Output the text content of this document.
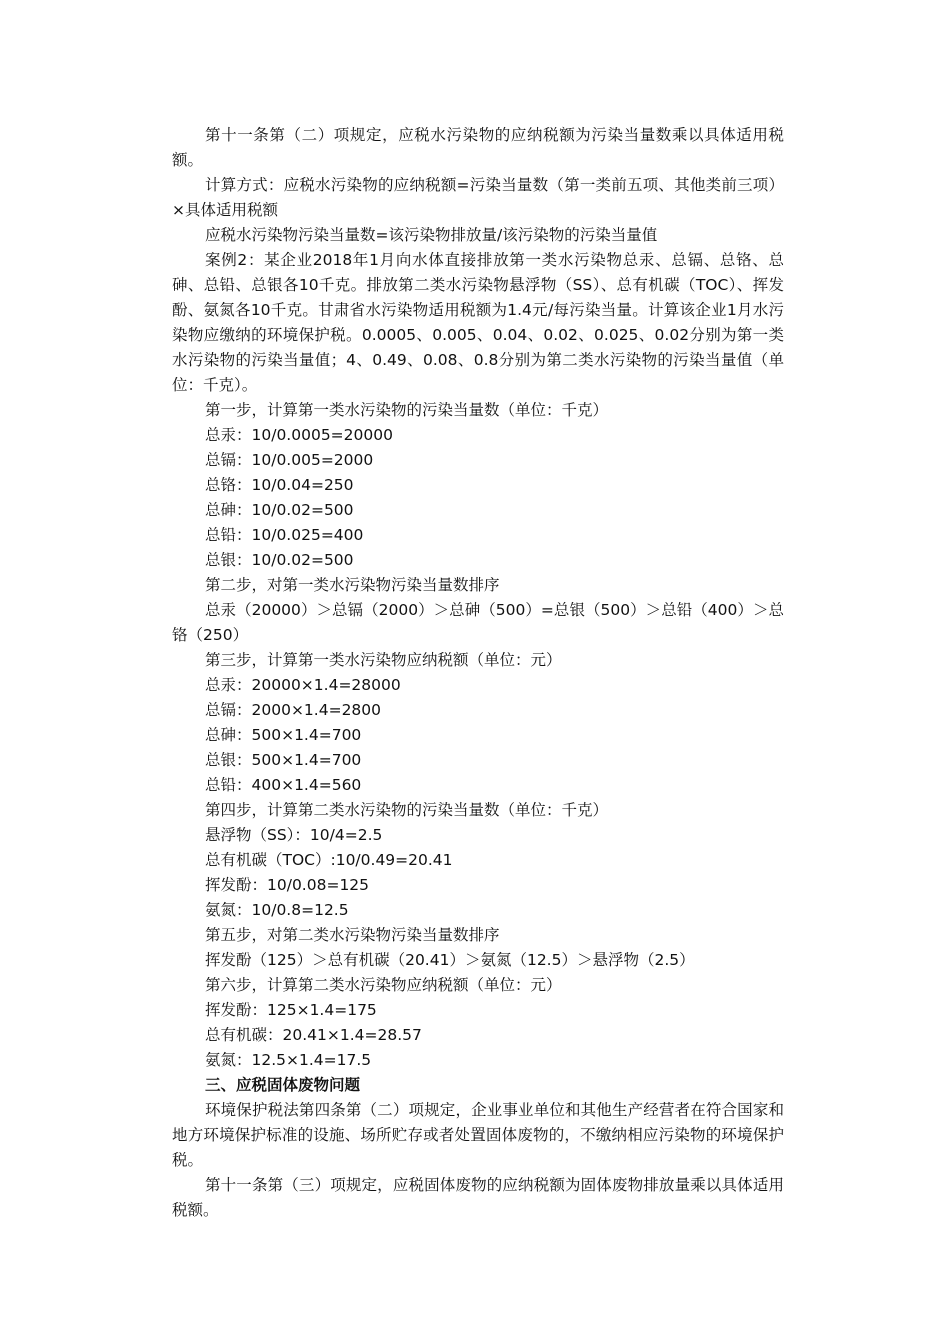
第十一条第（二）项规定，应税水污染物的应纳税额为污染当量数乘以具体适用税额。

计算方式：应税水污染物的应纳税额=污染当量数（第一类前五项、其他类前三项）×具体适用税额

应税水污染物污染当量数=该污染物排放量/该污染物的污染当量值

案例2：某企业2018年1月向水体直接排放第一类水污染物总汞、总镉、总铬、总砷、总铅、总银各10千克。排放第二类水污染物悬浮物（SS）、总有机碳（TOC）、挥发酚、氨氮各10千克。甘肃省水污染物适用税额为1.4元/每污染当量。计算该企业1月水污染物应缴纳的环境保护税。0.0005、0.005、0.04、0.02、0.025、0.02分别为第一类水污染物的污染当量值；4、0.49、0.08、0.8分别为第二类水污染物的污染当量值（单位：千克）。

第一步，计算第一类水污染物的污染当量数（单位：千克）

总汞：10/0.0005=20000

总镉：10/0.005=2000

总铬：10/0.04=250

总砷：10/0.02=500

总铅：10/0.025=400

总银：10/0.02=500

第二步，对第一类水污染物污染当量数排序

总汞（20000）＞总镉（2000）＞总砷（500）=总银（500）＞总铅（400）＞总铬（250）

第三步，计算第一类水污染物应纳税额（单位：元）

总汞：20000×1.4=28000

总镉：2000×1.4=2800

总砷：500×1.4=700

总银：500×1.4=700

总铅：400×1.4=560

第四步，计算第二类水污染物的污染当量数（单位：千克）

悬浮物（SS）：10/4=2.5

总有机碳（TOC）:10/0.49=20.41

挥发酚：10/0.08=125

氨氮：10/0.8=12.5

第五步，对第二类水污染物污染当量数排序

挥发酚（125）＞总有机碳（20.41）＞氨氮（12.5）＞悬浮物（2.5）

第六步，计算第二类水污染物应纳税额（单位：元）

挥发酚：125×1.4=175

总有机碳：20.41×1.4=28.57

氨氮：12.5×1.4=17.5

三、应税固体废物问题

环境保护税法第四条第（二）项规定，企业事业单位和其他生产经营者在符合国家和地方环境保护标准的设施、场所贮存或者处置固体废物的，不缴纳相应污染物的环境保护税。

第十一条第（三）项规定，应税固体废物的应纳税额为固体废物排放量乘以具体适用税额。
